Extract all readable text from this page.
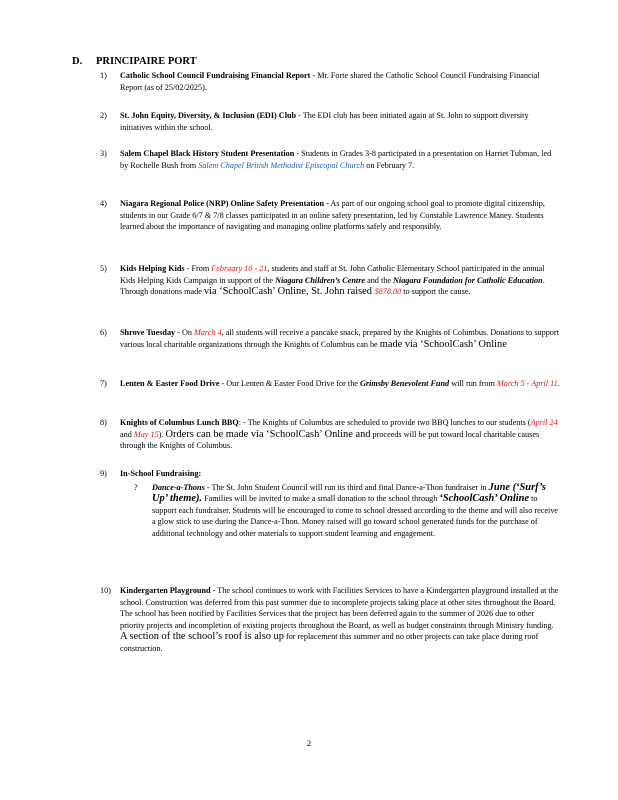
D. PRINCIPAIRE PORT
1)	Catholic School Council Fundraising Financial Report - Mr. Forte shared the Catholic School Council Fundraising Financial Report (as of 25/02/2025).
2)	St. John Equity, Diversity, & Inclusion (EDI) Club - The EDI club has been initiated again at St. John to support diversity initiatives within the school.
3)	Salem Chapel Black History Student Presentation - Students in Grades 3-8 participated in a presentation on Harriet Tubman, led by Rochelle Bush from Salem Chapel British Methodist Episcopal Church on February 7.
4)	Niagara Regional Police (NRP) Online Safety Presentation - As part of our ongoing school goal to promote digital citizenship, students in our Grade 6/7 & 7/8 classes participated in an online safety presentation, led by Constable Lawrence Maney. Students learned about the importance of navigating and managing online platforms safely and responsibly.
5)	Kids Helping Kids - From February 10 - 21, students and staff at St. John Catholic Elementary School participated in the annual Kids Helping Kids Campaign in support of the Niagara Children’s Centre and the Niagara Foundation for Catholic Education. Through donations made via ‘SchoolCash’ Online, St. John raised $878.00 to support the cause.
6)	Shrove Tuesday - On March 4, all students will receive a pancake snack, prepared by the Knights of Columbus. Donations to support various local charitable organizations through the Knights of Columbus can be made via ‘SchoolCash’ Online
7)	Lenten & Easter Food Drive - Our Lenten & Easter Food Drive for the Grimsby Benevolent Fund will run from March 5 - April 11.
8)	Knights of Columbus Lunch BBQ: - The Knights of Columbus are scheduled to provide two BBQ lunches to our students (April 24 and May 15). Orders can be made via ‘SchoolCash’ Online and proceeds will be put toward local charitable causes through the Knights of Columbus.
9)	In-School Fundraising:
? Dance-a-Thons - The St. John Student Council will run its third and final Dance-a-Thon fundraiser in June (‘Surf’s Up’ theme). Families will be invited to make a small donation to the school through ‘SchoolCash’ Online to support each fundraiser. Students will be encouraged to come to school dressed according to the theme and will also receive a glow stick to use during the Dance-a-Thon. Money raised will go toward school generated funds for the purchase of additional technology and other materials to support student learning and engagement.
10)	Kindergarten Playground - The school continues to work with Facilities Services to have a Kindergarten playground installed at the school. Construction was deferred from this past summer due to incomplete projects taking place at other sites throughout the Board. The school has been notified by Facilities Services that the project has been deferred again to the summer of 2026 due to other priority projects and incompletion of existing projects throughout the Board, as well as budget constraints through Ministry funding. A section of the school’s roof is also up for replacement this summer and no other projects can take place during roof construction.
2
